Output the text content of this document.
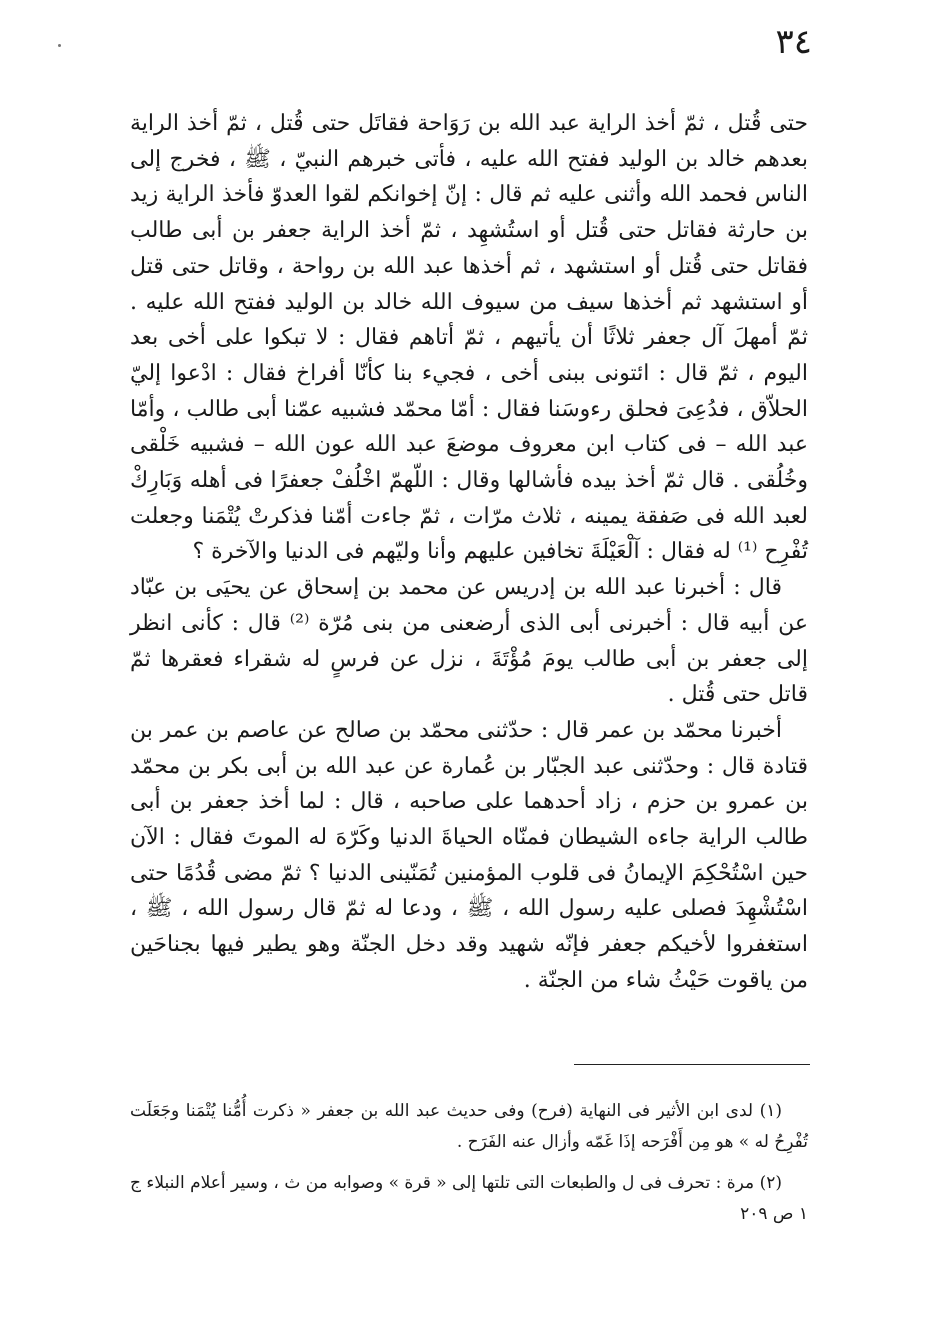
٣٤

حتى قُتل ، ثمّ أخذ الراية عبد الله بن رَوَاحة فقاتَل حتى قُتل ، ثمّ أخذ الراية بعدهم خالد بن الوليد ففتح الله عليه ، فأتى خبرهم النبيّ ، ﷺ ، فخرج إلى الناس فحمد الله وأثنى عليه ثم قال : إنّ إخوانكم لقوا العدوّ فأخذ الراية زيد بن حارثة فقاتل حتى قُتل أو استُشهِد ، ثمّ أخذ الراية جعفر بن أبى طالب فقاتل حتى قُتل أو استشهد ، ثم أخذها عبد الله بن رواحة ، وقاتل حتى قتل أو استشهد ثم أخذها سيف من سيوف الله خالد بن الوليد ففتح الله عليه . ثمّ أمهلَ آل جعفر ثلاثًا أن يأتيهم ، ثمّ أتاهم فقال : لا تبكوا على أخى بعد اليوم ، ثمّ قال : ائتونى ببنى أخى ، فجيء بنا كأنّا أفراخ فقال : ادْعوا إليّ الحلاّق ، فدُعِىَ فحلق رءوسَنا فقال : أمّا محمّد فشبيه عمّنا أبى طالب ، وأمّا عبد الله – فى كتاب ابن معروف موضعَ عبد الله عون الله – فشبيه خَلْقى وخُلُقى . قال ثمّ أخذ بيده فأشالها وقال : اللّهمّ اخْلُفْ جعفرًا فى أهله وَبَارِكْ لعبد الله فى صَفقة يمينه ، ثلاث مرّات ، ثمّ جاءت أمّنا فذكرتْ يُتْمَنا وجعلت تُفْرِح ⁽¹⁾ له فقال : آلْعَيْلَةَ تخافين عليهم وأنا وليّهم فى الدنيا والآخرة ؟

قال : أخبرنا عبد الله بن إدريس عن محمد بن إسحاق عن يحيَى بن عبّاد عن أبيه قال : أخبرنى أبى الذى أرضعنى من بنى مُرّة ⁽²⁾ قال : كأنى انظر إلى جعفر بن أبى طالب يومَ مُؤْتَةَ ، نزل عن فرسٍ له شقراء فعقرها ثمّ قاتل حتى قُتل .

أخبرنا محمّد بن عمر قال : حدّثنى محمّد بن صالح عن عاصم بن عمر بن قتادة قال : وحدّثنى عبد الجبّار بن عُمارة عن عبد الله بن أبى بكر بن محمّد بن عمرو بن حزم ، زاد أحدهما على صاحبه ، قال : لما أخذ جعفر بن أبى طالب الراية جاءه الشيطان فمنّاه الحياةَ الدنيا وكَرّهَ له الموتَ فقال : الآن حين اسْتُحْكِمَ الإيمانُ فى قلوب المؤمنين تُمَنّينى الدنيا ؟ ثمّ مضى قُدُمًا حتى اسْتُشْهِدَ فصلى عليه رسول الله ، ﷺ ، ودعا له ثمّ قال رسول الله ، ﷺ ، استغفروا لأخيكم جعفر فإنّه شهيد وقد دخل الجنّة وهو يطير فيها بجناحَين من ياقوت حَيْثُ شاء من الجنّة .

(١) لدى ابن الأثير فى النهاية (فرح) وفى حديث عبد الله بن جعفر « ذكرت أُمُّنا يُتْمَنا وجَعَلَت تُفْرِحُ له » هو مِن أَفْرَحه إذَا غَمّه وأزال عنه الفَرَح .

(٢) مرة : تحرف فى ل والطبعات التى تلتها إلى « قرة » وصوابه من ث ، وسير أعلام النبلاء ج ١ ص ٢٠٩
